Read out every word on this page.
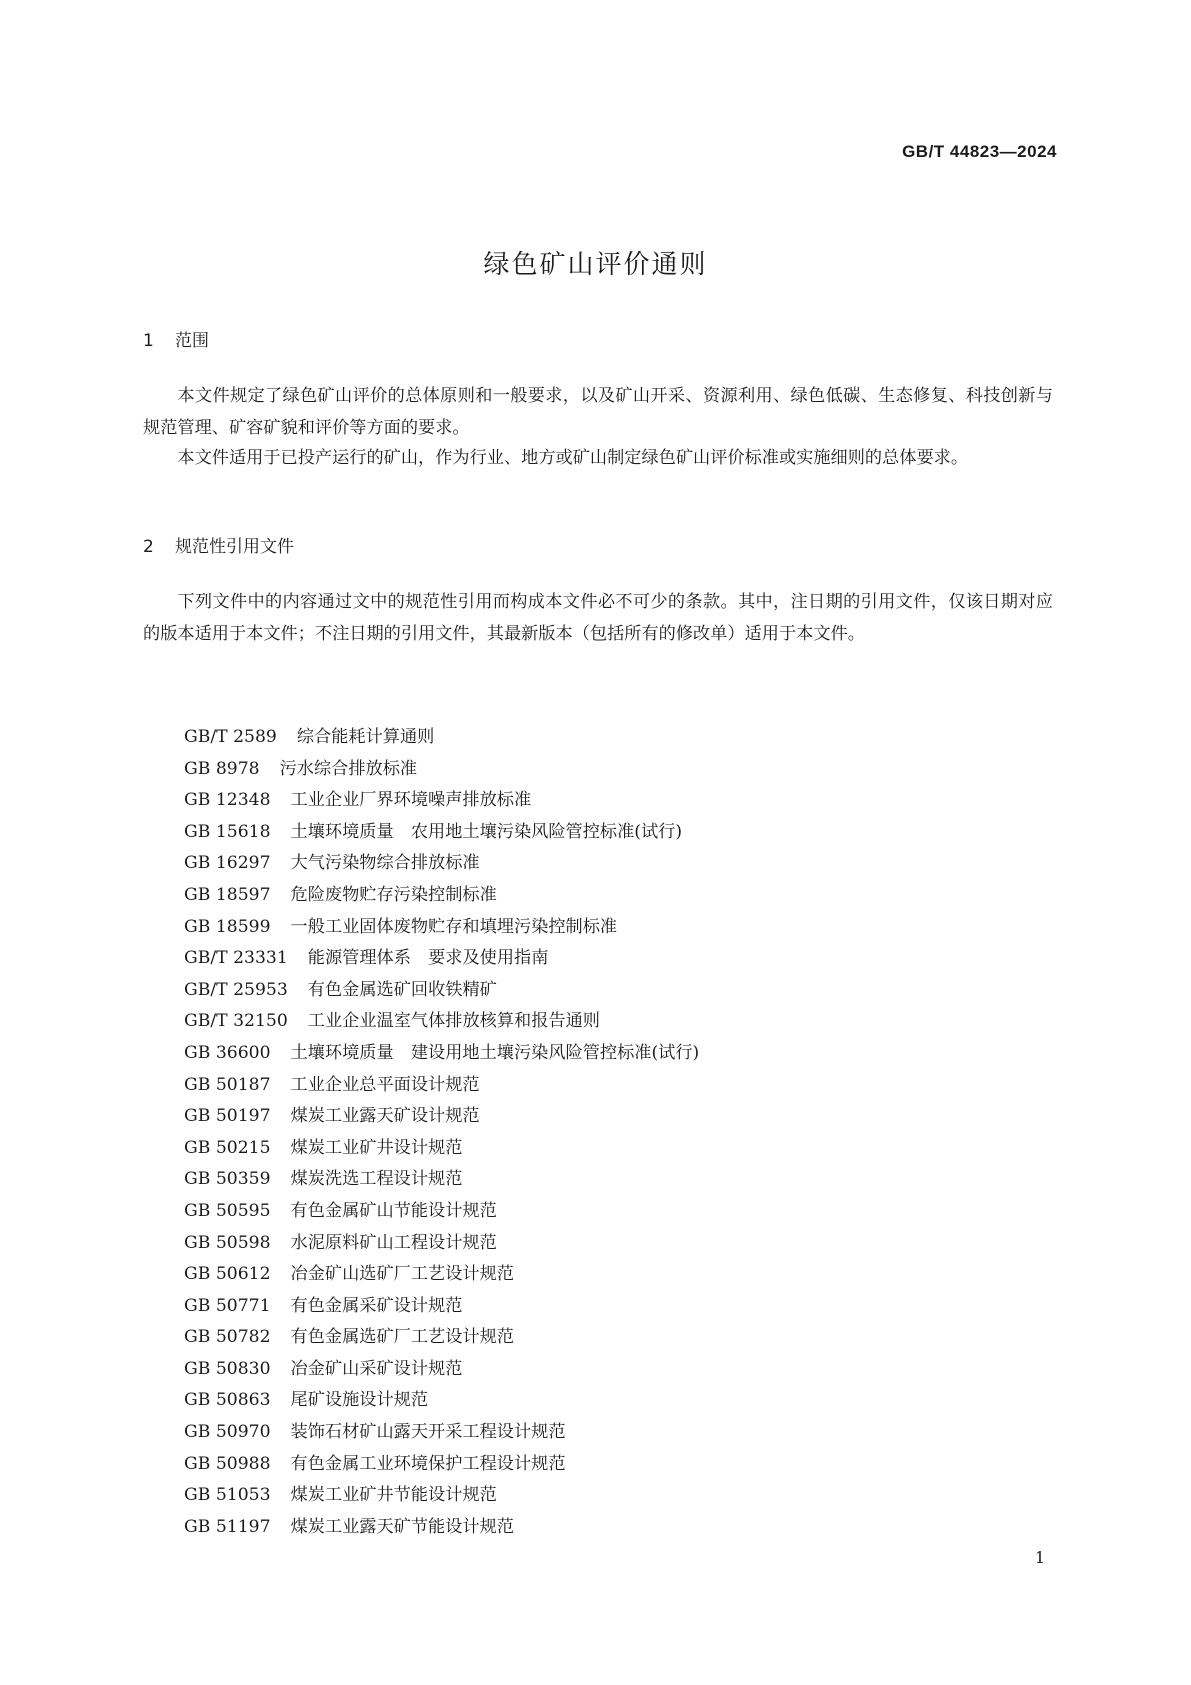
GB/T 44823—2024
绿色矿山评价通则
1 范围
本文件规定了绿色矿山评价的总体原则和一般要求，以及矿山开采、资源利用、绿色低碳、生态修复、科技创新与规范管理、矿容矿貌和评价等方面的要求。
本文件适用于已投产运行的矿山，作为行业、地方或矿山制定绿色矿山评价标准或实施细则的总体要求。
2 规范性引用文件
下列文件中的内容通过文中的规范性引用而构成本文件必不可少的条款。其中，注日期的引用文件，仅该日期对应的版本适用于本文件；不注日期的引用文件，其最新版本（包括所有的修改单）适用于本文件。
GB/T 2589 综合能耗计算通则
GB 8978 污水综合排放标准
GB 12348 工业企业厂界环境噪声排放标准
GB 15618 土壤环境质量　农用地土壤污染风险管控标准(试行)
GB 16297 大气污染物综合排放标准
GB 18597 危险废物贮存污染控制标准
GB 18599 一般工业固体废物贮存和填埋污染控制标准
GB/T 23331 能源管理体系　要求及使用指南
GB/T 25953 有色金属选矿回收铁精矿
GB/T 32150 工业企业温室气体排放核算和报告通则
GB 36600 土壤环境质量　建设用地土壤污染风险管控标准(试行)
GB 50187 工业企业总平面设计规范
GB 50197 煤炭工业露天矿设计规范
GB 50215 煤炭工业矿井设计规范
GB 50359 煤炭洗选工程设计规范
GB 50595 有色金属矿山节能设计规范
GB 50598 水泥原料矿山工程设计规范
GB 50612 冶金矿山选矿厂工艺设计规范
GB 50771 有色金属采矿设计规范
GB 50782 有色金属选矿厂工艺设计规范
GB 50830 冶金矿山采矿设计规范
GB 50863 尾矿设施设计规范
GB 50970 装饰石材矿山露天开采工程设计规范
GB 50988 有色金属工业环境保护工程设计规范
GB 51053 煤炭工业矿井节能设计规范
GB 51197 煤炭工业露天矿节能设计规范
1
